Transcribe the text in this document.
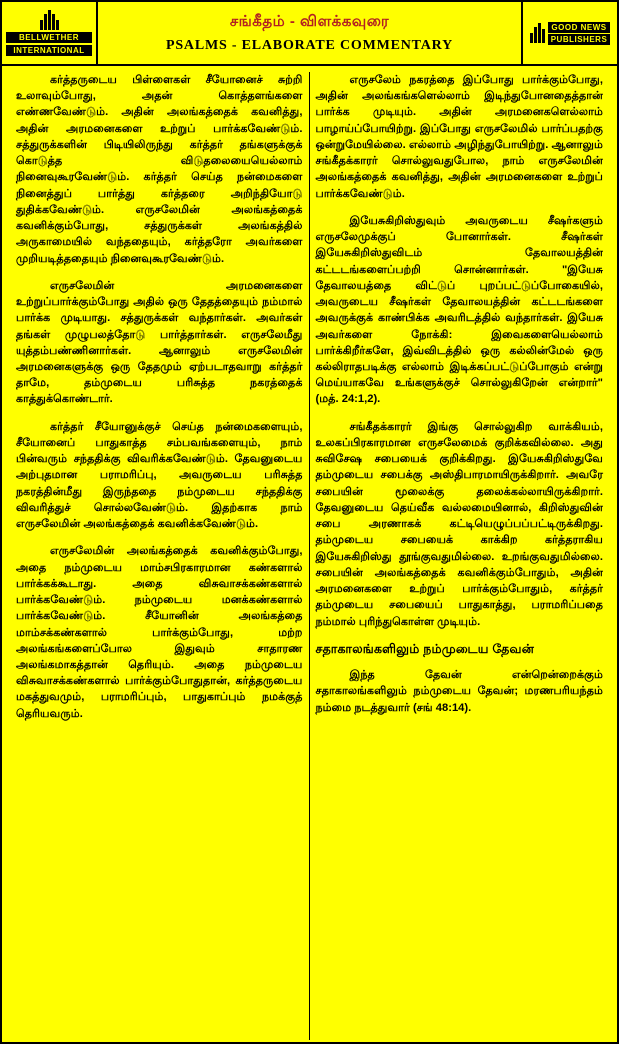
BELLWETHER
INTERNATIONAL
சங்கீதம் - விளக்கவுரை
PSALMS - ELABORATE COMMENTARY
GOOD NEWS
PUBLISHERS

கர்த்தருடைய பிள்ளைகள் சீயோனைச் சுற்றி உலாவும்போது, அதன் கொத்தளங்களை எண்ணவேண்டும். அதின் அலங்கத்தைக் கவனித்து, அதின் அரமனைகளை உற்றுப் பார்க்கவேண்டும். சத்துருக்களின் பிடியிலிருந்து கர்த்தர் தங்களுக்குக் கொடுத்த விடுதலையையெல்லாம் நினைவுகூரவேண்டும். கர்த்தர் செய்த நன்மைகளை நினைத்துப் பார்த்து கர்த்தரை அறிந்தியோடு துதிக்கவேண்டும். எருசலேமின் அலங்கத்தைக் கவனிக்கும்போது, சத்துருக்கள் அலங்கத்தில் அருகாமையில் வந்ததையும், கர்த்தரோ அவர்களை முறியடித்ததையும் நினைவுகூரவேண்டும்.

எருசலேமின் அரமனைகளை உற்றுப்பார்க்கும்போது அதில் ஒரு தேதத்தையும் நம்மால் பார்க்க முடியாது. சத்துருக்கள் வந்தார்கள். அவர்கள் தங்கள் முழுபலத்தோடு பார்த்தார்கள். எருசலேமீது யுத்தம்பண்ணினார்கள். ஆனாலும் எருசலேமின் அரமனைகளுக்கு ஒரு தேதமும் ஏற்படாதவாறு கர்த்தர் தாமே, தம்முடைய பரிசுத்த நகரத்தைக் காத்துக்கொண்டார்.

கர்த்தர் சீயோனுக்குச் செய்த நன்மைகளையும், சீயோனைப் பாதுகாத்த சம்பவங்களையும், நாம் பின்வரும் சந்ததிக்கு விவரிக்கவேண்டும். தேவனுடைய அற்புதமான பராமரிப்பு, அவருடைய பரிசுத்த நகரத்தின்மீது இருந்ததை நம்முடைய சந்ததிக்கு விவரித்துச் சொல்லவேண்டும். இதற்காக நாம் எருசலேமின் அலங்கத்தைக் கவனிக்கவேண்டும்.

எருசலேமின் அலங்கத்தைக் கவனிக்கும்போது, அதை நம்முடைய மாம்சபிரகாரமான கண்களால் பார்க்கக்கூடாது. அதை விசுவாசக்கண்களால் பார்க்கவேண்டும். நம்முடைய மனக்கண்களால் பார்க்கவேண்டும். சீயோனின் அலங்கத்தை மாம்சக்கண்களால் பார்க்கும்போது, மற்ற அலங்கங்களைப்போல இதுவும் சாதாரண அலங்கமாகத்தான் தெரியும். அதை நம்முடைய விசுவாசக்கண்களால் பார்க்கும்போதுதான், கர்த்தருடைய மகத்துவமும், பராமரிப்பும், பாதுகாப்பும் நமக்குத் தெரியவரும்.

எருசலேம் நகரத்தை இப்போது பார்க்கும்போது, அதின் அலங்கங்களெல்லாம் இடிந்துபோனதைத்தான் பார்க்க முடியும். அதின் அரமனைகளெல்லாம் பாழாய்ப்போயிற்று. இப்போது எருசலேமில் பார்ப்பதற்கு ஒன்றுமேயில்லை. எல்லாம் அழிந்துபோயிற்று. ஆனாலும் சங்கீதக்காரர் சொல்லுவதுபோல, நாம் எருசலேமின் அலங்கத்தைக் கவனித்து, அதின் அரமனைகளை உற்றுப் பார்க்கவேண்டும்.

இயேசுகிறிஸ்துவும் அவருடைய சீஷர்களும் எருசலேமுக்குப் போனார்கள். சீஷர்கள் இயேசுகிறிஸ்துவிடம் தேவாலயத்தின் கட்டடங்களைப்பற்றி சொன்னார்கள். "இயேசு தேவாலயத்தை விட்டுப் புறப்பட்டுப்போகையில், அவருடைய சீஷர்கள் தேவாலயத்தின் கட்டடங்களை அவருக்குக் காண்பிக்க அவரிடத்தில் வந்தார்கள். இயேசு அவர்களை நோக்கி: இவைகளையெல்லாம் பார்க்கிறீர்களே, இவ்விடத்தில் ஒரு கல்லின்மேல் ஒரு கல்லிராதபடிக்கு எல்லாம் இடிக்கப்பட்டுப்போகும் என்று மெய்யாகவே உங்களுக்குச் சொல்லுகிறேன் என்றார்" (மத். 24:1,2).

சங்கீதக்காரர் இங்கு சொல்லுகிற வாக்கியம், உலகப்பிரகாரமான எருசலேமைக் குறிக்கவில்லை. அது சுவிசேஷ சபையைக் குறிக்கிறது. இயேசுகிறிஸ்துவே தம்முடைய சபைக்கு அஸ்திபாரமாயிருக்கிறார். அவரே சபையின் மூலைக்கு தலைக்கல்லாயிருக்கிறார். தேவனுடைய தெய்வீக வல்லமையினால், கிறிஸ்துவின் சபை அரணாகக் கட்டியெழுப்பப்பட்டிருக்கிறது. தம்முடைய சபையைக் காக்கிற கர்த்தராகிய இயேசுகிறிஸ்து தூங்குவதுமில்லை. உறங்குவதுமில்லை. சபையின் அலங்கத்தைக் கவனிக்கும்போதும், அதின் அரமனைகளை உற்றுப் பார்க்கும்போதும், கர்த்தர் தம்முடைய சபையைப் பாதுகாத்து, பராமரிப்பதை நம்மால் புரிந்துகொள்ள முடியும்.

சதாகாலங்களிலும் நம்முடைய தேவன்

இந்த தேவன் என்றென்றைக்கும் சதாகாலங்களிலும் நம்முடைய தேவன்; மரணபரியந்தம் நம்மை நடத்துவார் (சங் 48:14).
